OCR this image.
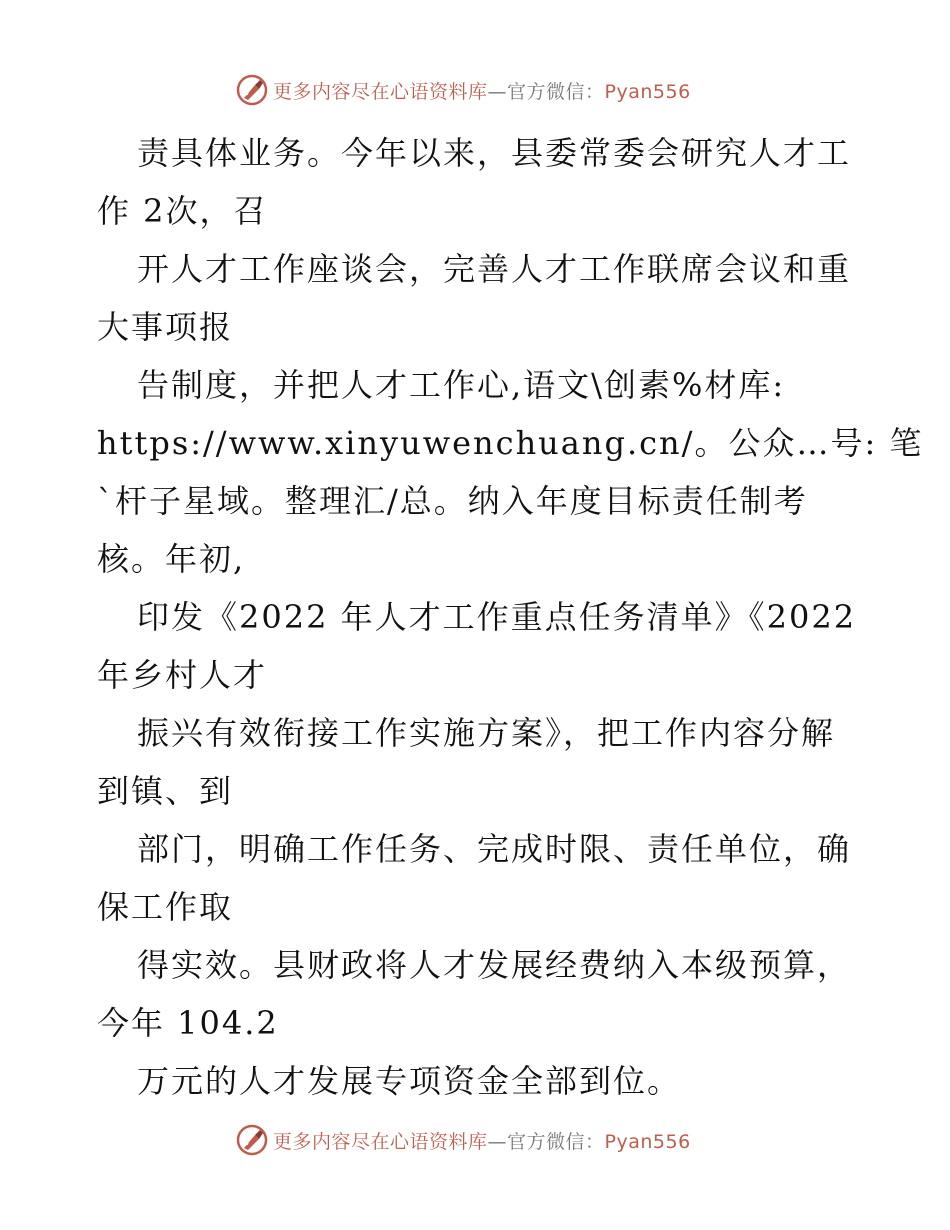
更多内容尽在心语资料库—官方微信：Pyan556
责具体业务。今年以来，县委常委会研究人才工
作 2次，召
开人才工作座谈会，完善人才工作联席会议和重
大事项报
告制度，并把人才工作心,语文\创素%材库:
https://www.xinyuwenchuang.cn/。公众…号: 笔
`杆子星域。整理汇/总。纳入年度目标责任制考
核。年初,
印发《2022 年人才工作重点任务清单》《2022
年乡村人才
振兴有效衔接工作实施方案》，把工作内容分解
到镇、到
部门，明确工作任务、完成时限、责任单位，确
保工作取
得实效。县财政将人才发展经费纳入本级预算，
今年 104.2
万元的人才发展专项资金全部到位。
更多内容尽在心语资料库—官方微信：Pyan556
